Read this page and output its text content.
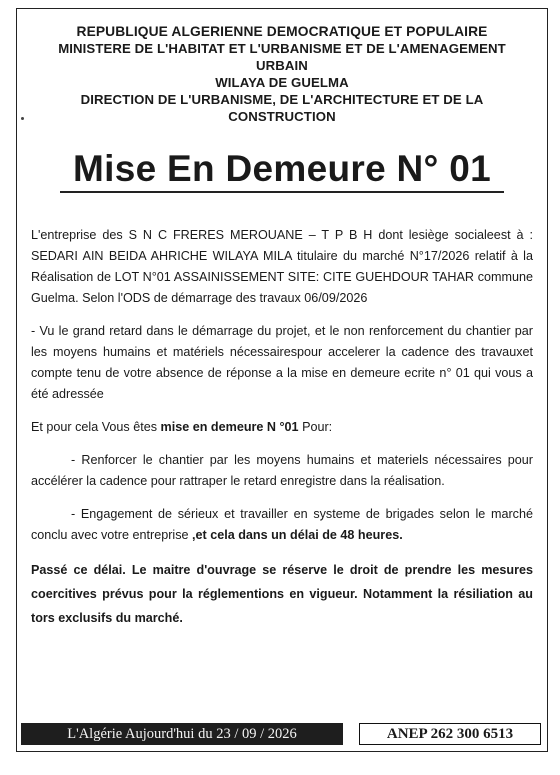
REPUBLIQUE ALGERIENNE DEMOCRATIQUE ET POPULAIRE
MINISTERE DE L'HABITAT ET L'URBANISME ET DE L'AMENAGEMENT URBAIN
WILAYA DE GUELMA
DIRECTION DE L'URBANISME, DE L'ARCHITECTURE ET DE LA CONSTRUCTION
Mise En Demeure N° 01

L'entreprise des S N C FRERES MEROUANE – T P B H dont lesiège socialeest à : SEDARI AIN BEIDA AHRICHE WILAYA MILA titulaire du marché N°17/2026 relatif à la Réalisation de LOT N°01 ASSAINISSEMENT SITE: CITE GUEHDOUR TAHAR commune Guelma. Selon l'ODS de démarrage des travaux 06/09/2026

- Vu le grand retard dans le démarrage du projet, et le non renforcement du chantier par les moyens humains et matériels nécessairespour accelerer la cadence des travauxet compte tenu de votre absence de réponse a la mise en demeure ecrite n° 01 qui vous a été adressée

Et pour cela Vous êtes mise en demeure N °01 Pour:

- Renforcer le chantier par les moyens humains et materiels nécessaires pour accélérer la cadence pour rattraper le retard enregistre dans la réalisation.

- Engagement de sérieux et travailler en systeme de brigades selon le marché conclu avec votre entreprise ,et cela dans un délai de 48 heures.

Passé ce délai. Le maitre d'ouvrage se réserve le droit de prendre les mesures coercitives prévus pour la réglementions en vigueur. Notamment la résiliation au tors exclusifs du marché.

L'Algérie Aujourd'hui du 23 / 09 / 2026	ANEP 262 300 6513
